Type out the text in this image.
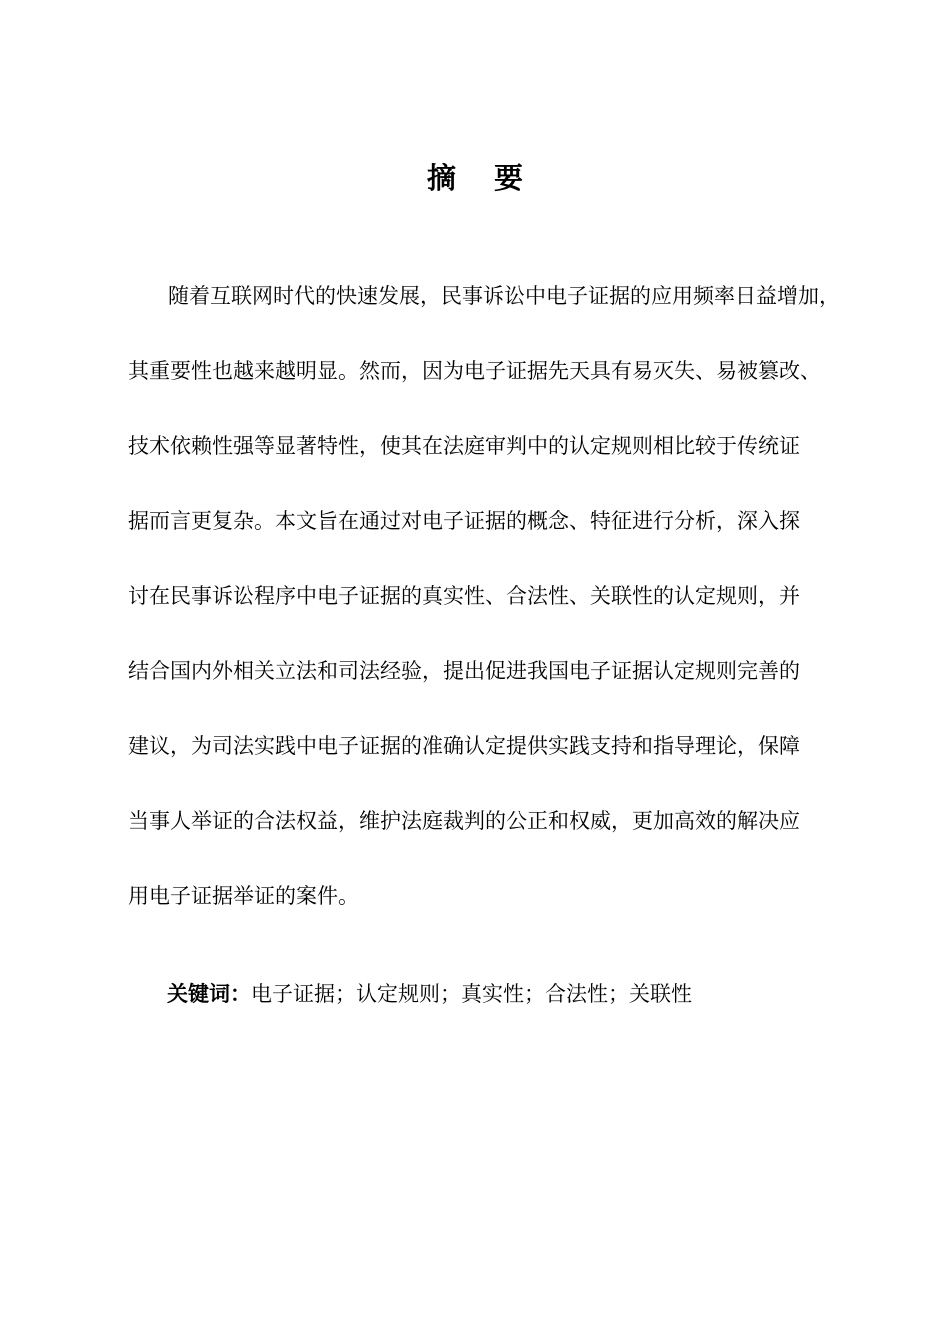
摘要
随着互联网时代的快速发展，民事诉讼中电子证据的应用频率日益增加，
其重要性也越来越明显。然而，因为电子证据先天具有易灭失、易被篡改、
技术依赖性强等显著特性，使其在法庭审判中的认定规则相比较于传统证
据而言更复杂。本文旨在通过对电子证据的概念、特征进行分析，深入探
讨在民事诉讼程序中电子证据的真实性、合法性、关联性的认定规则，并
结合国内外相关立法和司法经验，提出促进我国电子证据认定规则完善的
建议，为司法实践中电子证据的准确认定提供实践支持和指导理论，保障
当事人举证的合法权益，维护法庭裁判的公正和权威，更加高效的解决应
用电子证据举证的案件。
关键词：电子证据；认定规则；真实性；合法性；关联性
